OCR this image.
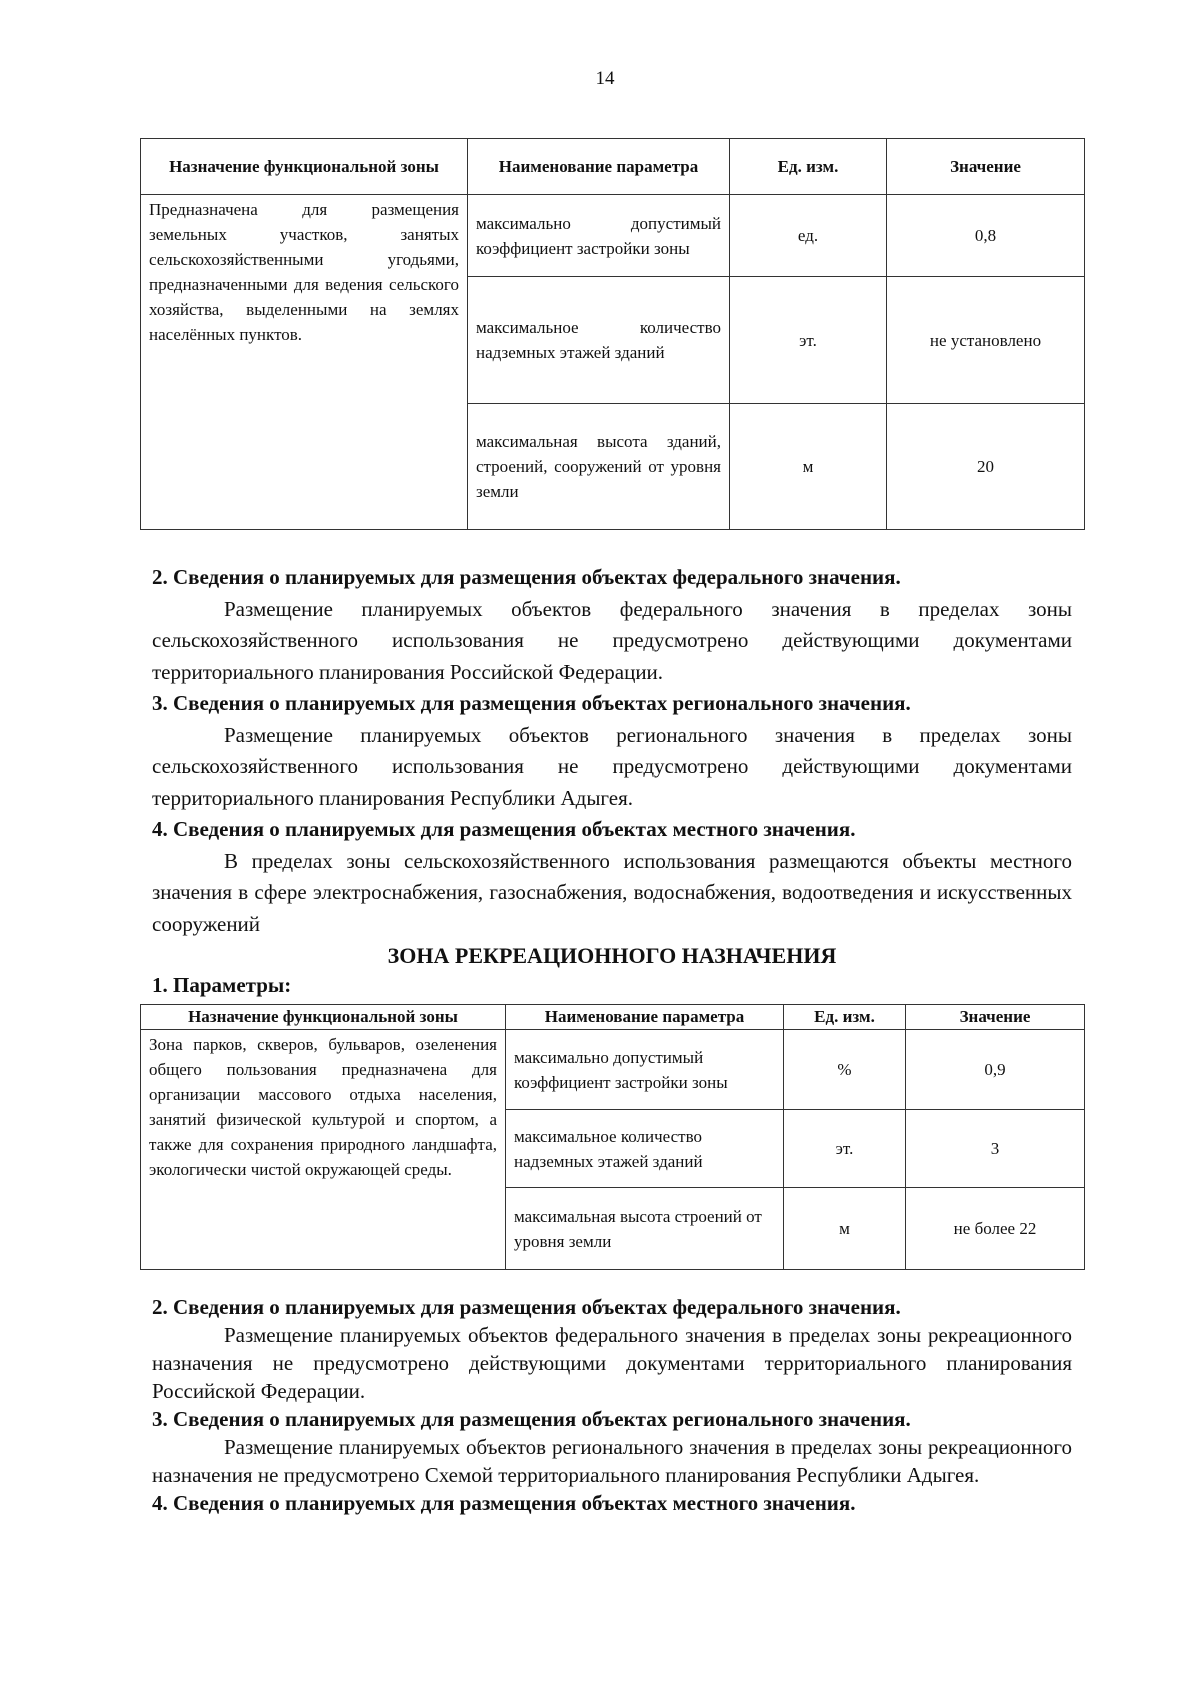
14
Назначение функциональной зоны	Наименование параметра	Ед. изм.	Значение
Предназначена для размещения земельных участков, занятых сельскохозяйственными угодьями, предназначенными для ведения сельского хозяйства, выделенными на землях населённых пунктов.	максимально допустимый коэффициент застройки зоны	ед.	0,8
	максимальное количество надземных этажей зданий	эт.	не установлено
	максимальная высота зданий, строений, сооружений от уровня земли	м	20

2. Сведения о планируемых для размещения объектах федерального значения.

Размещение планируемых объектов федерального значения в пределах зоны сельскохозяйственного использования не предусмотрено действующими документами территориального планирования Российской Федерации.

3. Сведения о планируемых для размещения объектах регионального значения.

Размещение планируемых объектов регионального значения в пределах зоны сельскохозяйственного использования не предусмотрено действующими документами территориального планирования Республики Адыгея.

4. Сведения о планируемых для размещения объектах местного значения.

В пределах зоны сельскохозяйственного использования размещаются объекты местного значения в сфере электроснабжения, газоснабжения, водоснабжения, водоотведения и искусственных сооружений

ЗОНА РЕКРЕАЦИОННОГО НАЗНАЧЕНИЯ

1. Параметры:

Назначение функциональной зоны	Наименование параметра	Ед. изм.	Значение
Зона парков, скверов, бульваров, озеленения общего пользования предназначена для организации массового отдыха населения, занятий физической культурой и спортом, а также для сохранения природного ландшафта, экологически чистой окружающей среды.	максимально допустимый коэффициент застройки зоны	%	0,9
	максимальное количество надземных этажей зданий	эт.	3
	максимальная высота строений от уровня земли	м	не более 22

2. Сведения о планируемых для размещения объектах федерального значения.

Размещение планируемых объектов федерального значения в пределах зоны рекреационного назначения не предусмотрено действующими документами территориального планирования Российской Федерации.

3. Сведения о планируемых для размещения объектах регионального значения.

Размещение планируемых объектов регионального значения в пределах зоны рекреационного назначения не предусмотрено Схемой территориального планирования Республики Адыгея.

4. Сведения о планируемых для размещения объектах местного значения.
